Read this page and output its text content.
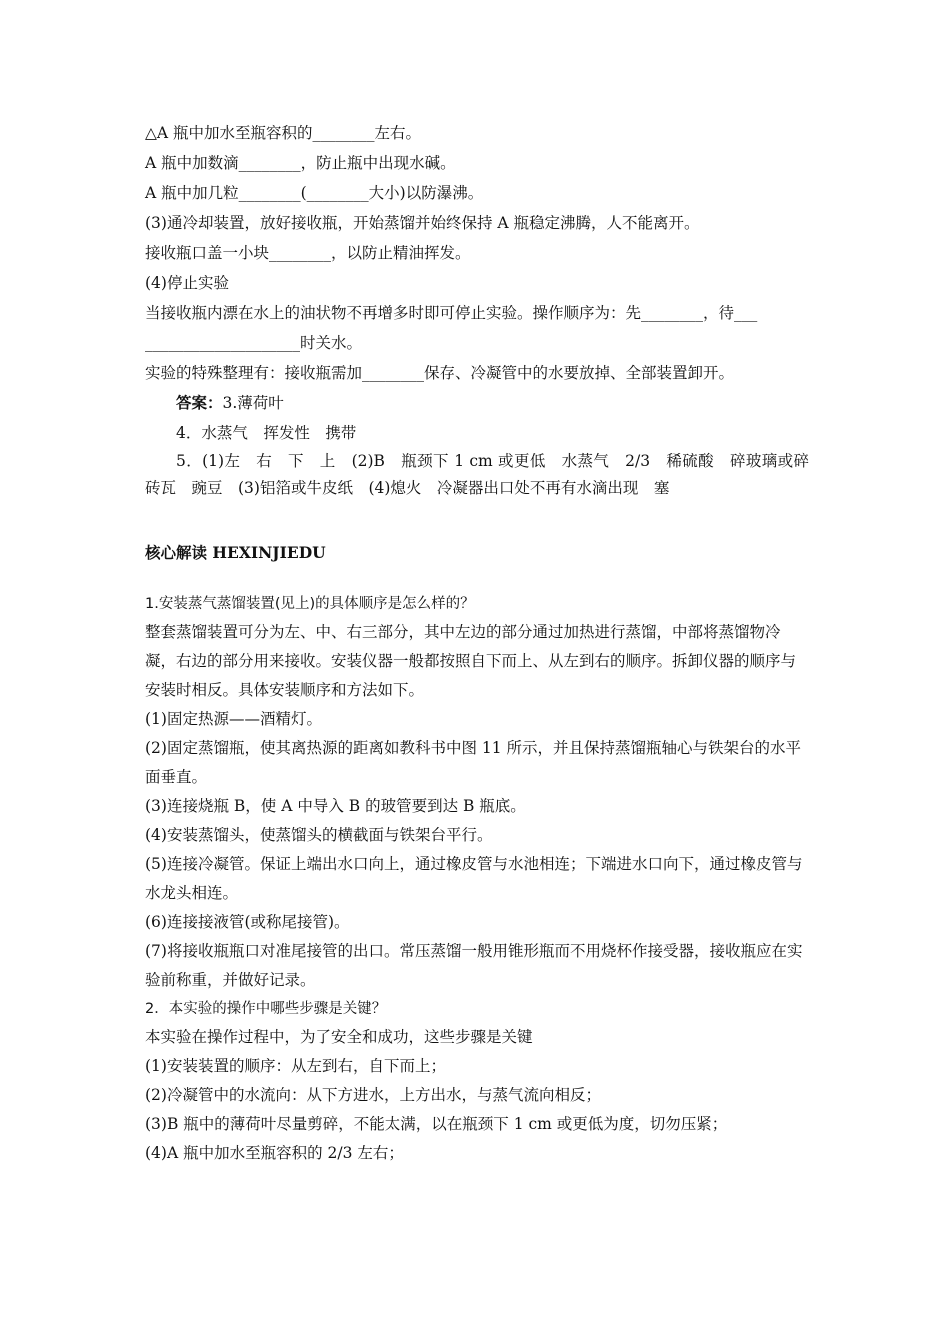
△A 瓶中加水至瓶容积的________左右。
A 瓶中加数滴________，防止瓶中出现水碱。
A 瓶中加几粒________(________大小)以防瀑沸。
(3)通冷却装置，放好接收瓶，开始蒸馏并始终保持 A 瓶稳定沸腾，人不能离开。
接收瓶口盖一小块________，以防止精油挥发。
(4)停止实验
当接收瓶内漂在水上的油状物不再增多时即可停止实验。操作顺序为：先________，待___
____________________时关水。
实验的特殊整理有：接收瓶需加________保存、冷凝管中的水要放掉、全部装置卸开。
答案：3.薄荷叶
4．水蒸气　挥发性　携带
5．(1)左　右　下　上　(2)B　瓶颈下 1 cm 或更低　水蒸气　2/3　稀硫酸　碎玻璃或碎砖瓦　豌豆　(3)铝箔或牛皮纸　(4)熄火　冷凝器出口处不再有水滴出现　塞
核心解读 HEXINJIEDU
1.安装蒸气蒸馏装置(见上)的具体顺序是怎么样的？
整套蒸馏装置可分为左、中、右三部分，其中左边的部分通过加热进行蒸馏，中部将蒸馏物冷凝，右边的部分用来接收。安装仪器一般都按照自下而上、从左到右的顺序。拆卸仪器的顺序与安装时相反。具体安装顺序和方法如下。
(1)固定热源——酒精灯。
(2)固定蒸馏瓶，使其离热源的距离如教科书中图 11 所示，并且保持蒸馏瓶轴心与铁架台的水平面垂直。
(3)连接烧瓶 B，使 A 中导入 B 的玻管要到达 B 瓶底。
(4)安装蒸馏头，使蒸馏头的横截面与铁架台平行。
(5)连接冷凝管。保证上端出水口向上，通过橡皮管与水池相连；下端进水口向下，通过橡皮管与水龙头相连。
(6)连接接液管(或称尾接管)。
(7)将接收瓶瓶口对准尾接管的出口。常压蒸馏一般用锥形瓶而不用烧杯作接受器，接收瓶应在实验前称重，并做好记录。
2．本实验的操作中哪些步骤是关键？
本实验在操作过程中，为了安全和成功，这些步骤是关键
(1)安装装置的顺序：从左到右，自下而上；
(2)冷凝管中的水流向：从下方进水，上方出水，与蒸气流向相反；
(3)B 瓶中的薄荷叶尽量剪碎，不能太满，以在瓶颈下 1 cm 或更低为度，切勿压紧；
(4)A 瓶中加水至瓶容积的 2/3 左右；
